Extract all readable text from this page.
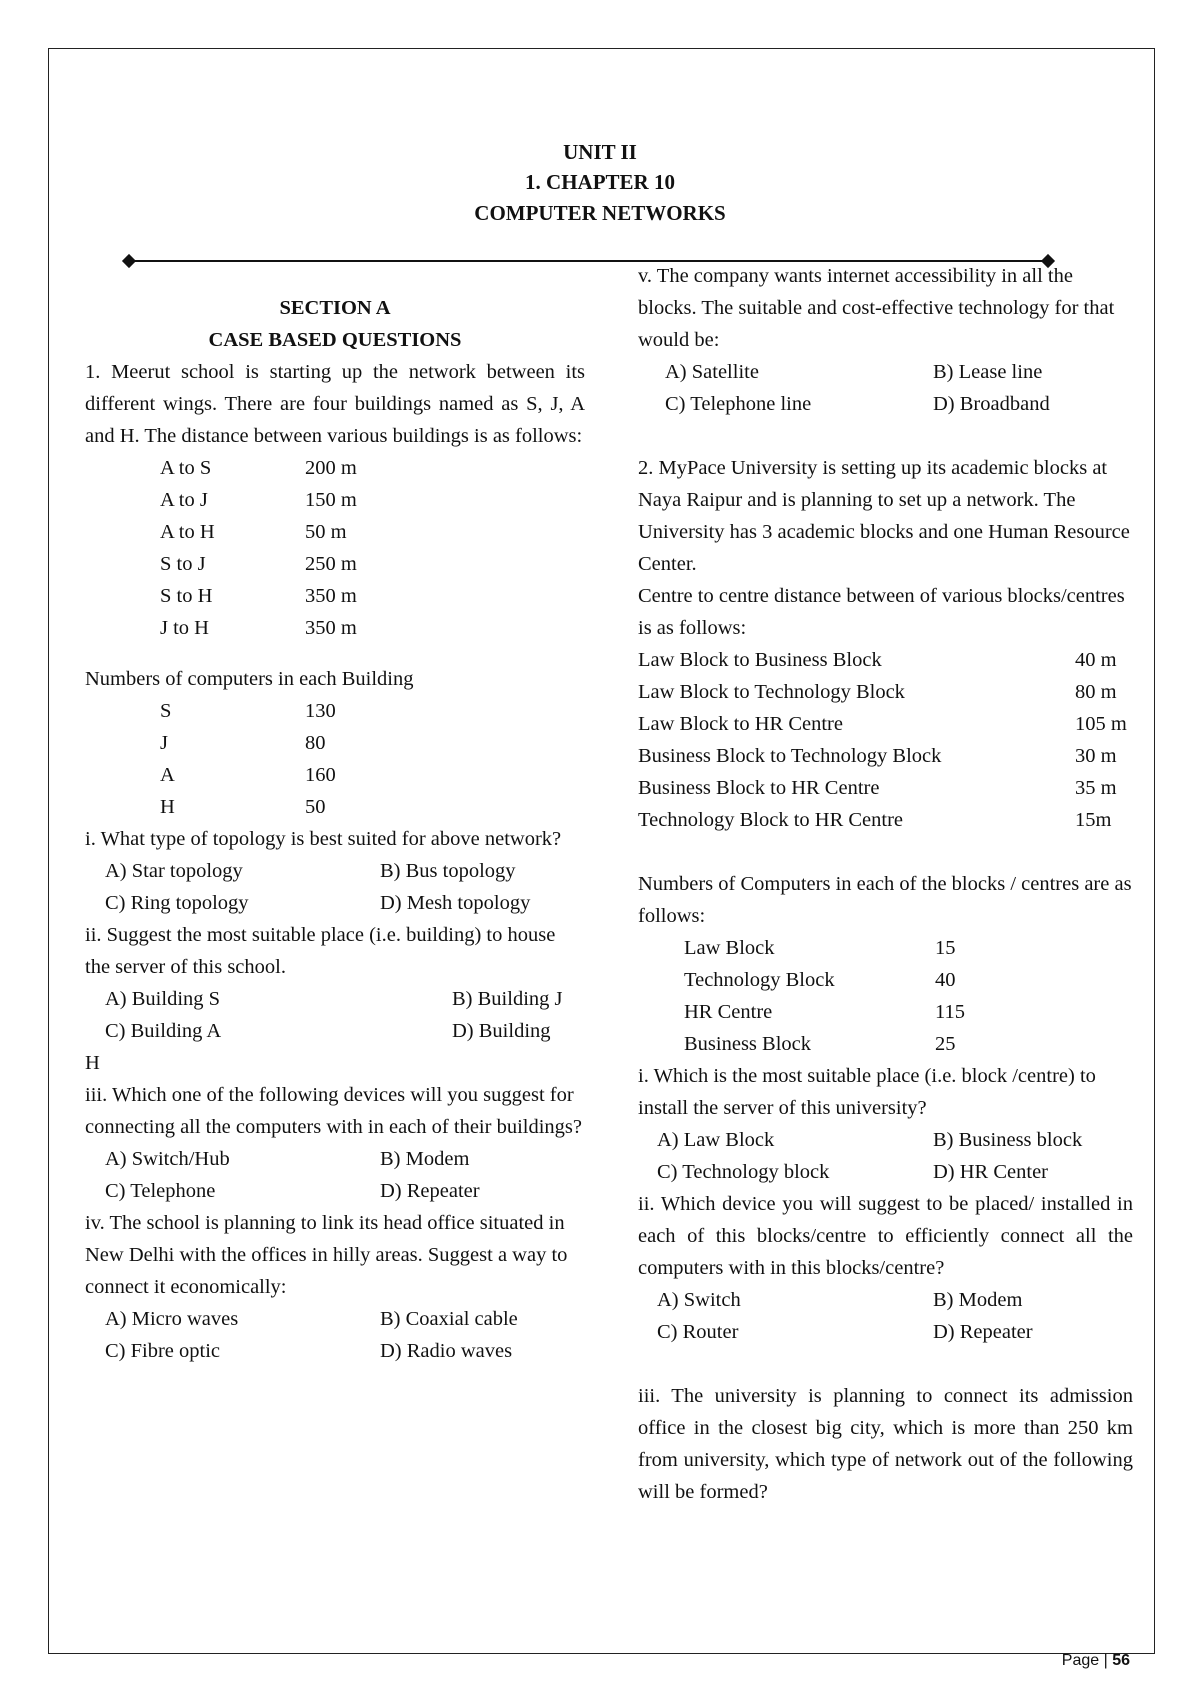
UNIT II
1. CHAPTER 10
COMPUTER NETWORKS

SECTION A

CASE BASED QUESTIONS

1. Meerut school is starting up the network between its different wings. There are four buildings named as S, J, A and H. The distance between various buildings is as follows:

A to S	200 m
A to J	150 m
A to H	50 m
S to J	250 m
S to H	350 m
J to H	350 m

Numbers of computers in each Building

S	130
J	80
A	160
H	50

i. What type of topology is best suited for above network?

A) Star topology	B) Bus topology
C) Ring topology	D) Mesh topology

ii. Suggest the most suitable place (i.e. building) to house the server of this school.

A) Building S	B) Building J
C) Building A	D) Building
H

iii. Which one of the following devices will you suggest for connecting all the computers with in each of their buildings?

A) Switch/Hub	B) Modem
C) Telephone	D) Repeater

iv. The school is planning to link its head office situated in New Delhi with the offices in hilly areas. Suggest a way to connect it economically:

A) Micro waves	B) Coaxial cable
C) Fibre optic	D) Radio waves

v. The company wants internet accessibility in all the blocks. The suitable and cost-effective technology for that would be:

A) Satellite	B) Lease line
C) Telephone line	D) Broadband

2. MyPace University is setting up its academic blocks at Naya Raipur and is planning to set up a network. The University has 3 academic blocks and one Human Resource Center.

Centre to centre distance between of various blocks/centres is as follows:

Law Block to Business Block	40 m
Law Block to Technology Block	80 m
Law Block to HR Centre	105 m
Business Block to Technology Block	30 m
Business Block to HR Centre	35 m
Technology Block to HR Centre	15m

Numbers of Computers in each of the blocks / centres are as follows:

Law Block	15
Technology Block	40
HR Centre	115
Business Block	25

i. Which is the most suitable place (i.e. block /centre) to install the server of this university?

A) Law Block	B) Business block
C) Technology block	D) HR Center

ii. Which device you will suggest to be placed/ installed in each of this blocks/centre to efficiently connect all the computers with in this blocks/centre?

A) Switch	B) Modem
C) Router	D) Repeater

iii. The university is planning to connect its admission office in the closest big city, which is more than 250 km from university, which type of network out of the following will be formed?

Page | 56
